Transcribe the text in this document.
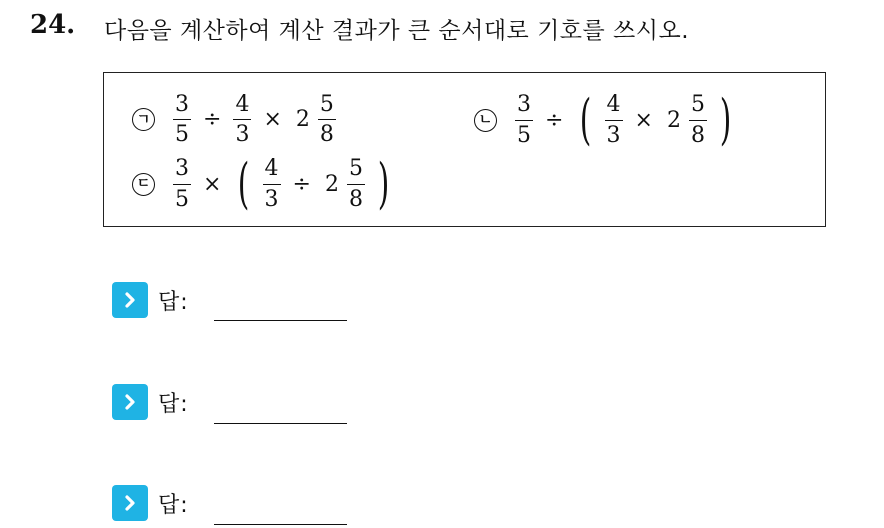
24. 다음을 계산하여 계산 결과가 큰 순서대로 기호를 쓰시오.
ㄱ $\frac{3}{5} \div \frac{4}{3} \times 2 \frac{5}{8}$	ㄴ $\frac{3}{5}$ ÷ ( $\frac{4}{3} \times 2 \frac{5}{8}$ )
ㄷ $\frac{3}{5}$ × ( $\frac{4}{3} \div 2 \frac{5}{8}$ )
답:
답:
답:
